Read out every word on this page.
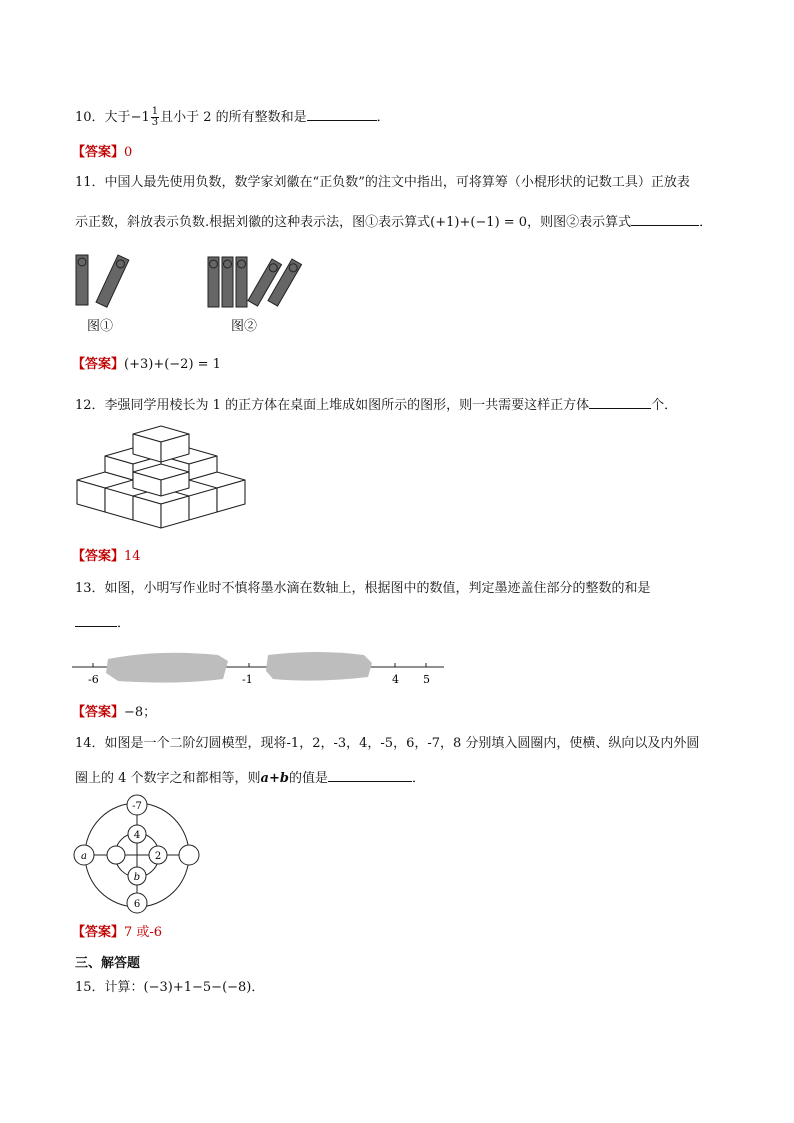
10．大于$-1 \frac{1}{3}$ 且小于 2 的所有整数和是	．
【答案】0
11．中国人最先使用负数，数学家刘徽在“正负数”的注文中指出，可将算筹（小棍形状的记数工具）正放表
示正数，斜放表示负数.根据刘徽的这种表示法，图①表示算式(+1)+(−1) = 0，则图②表示算式	．
图①	图②
【答案】(+3)+(−2) = 1
12．李强同学用棱长为 1 的正方体在桌面上堆成如图所示的图形，则一共需要这样正方体	个．
【答案】14
13．如图，小明写作业时不慎将墨水滴在数轴上，根据图中的数值，判定墨迹盖住部分的整数的和是
．
-6	-1	4 5
【答案】−8；
14．如图是一个二阶幻圆模型，现将-1，2，-3，4，-5，6，-7，8 分别填入圆圈内，使横、纵向以及内外圆
圈上的 4 个数字之和都相等，则a+b的值是	．
-7
4
a	2
b
6
【答案】7 或-6
三、解答题
15．计算：(−3)+1−5−(−8)．
